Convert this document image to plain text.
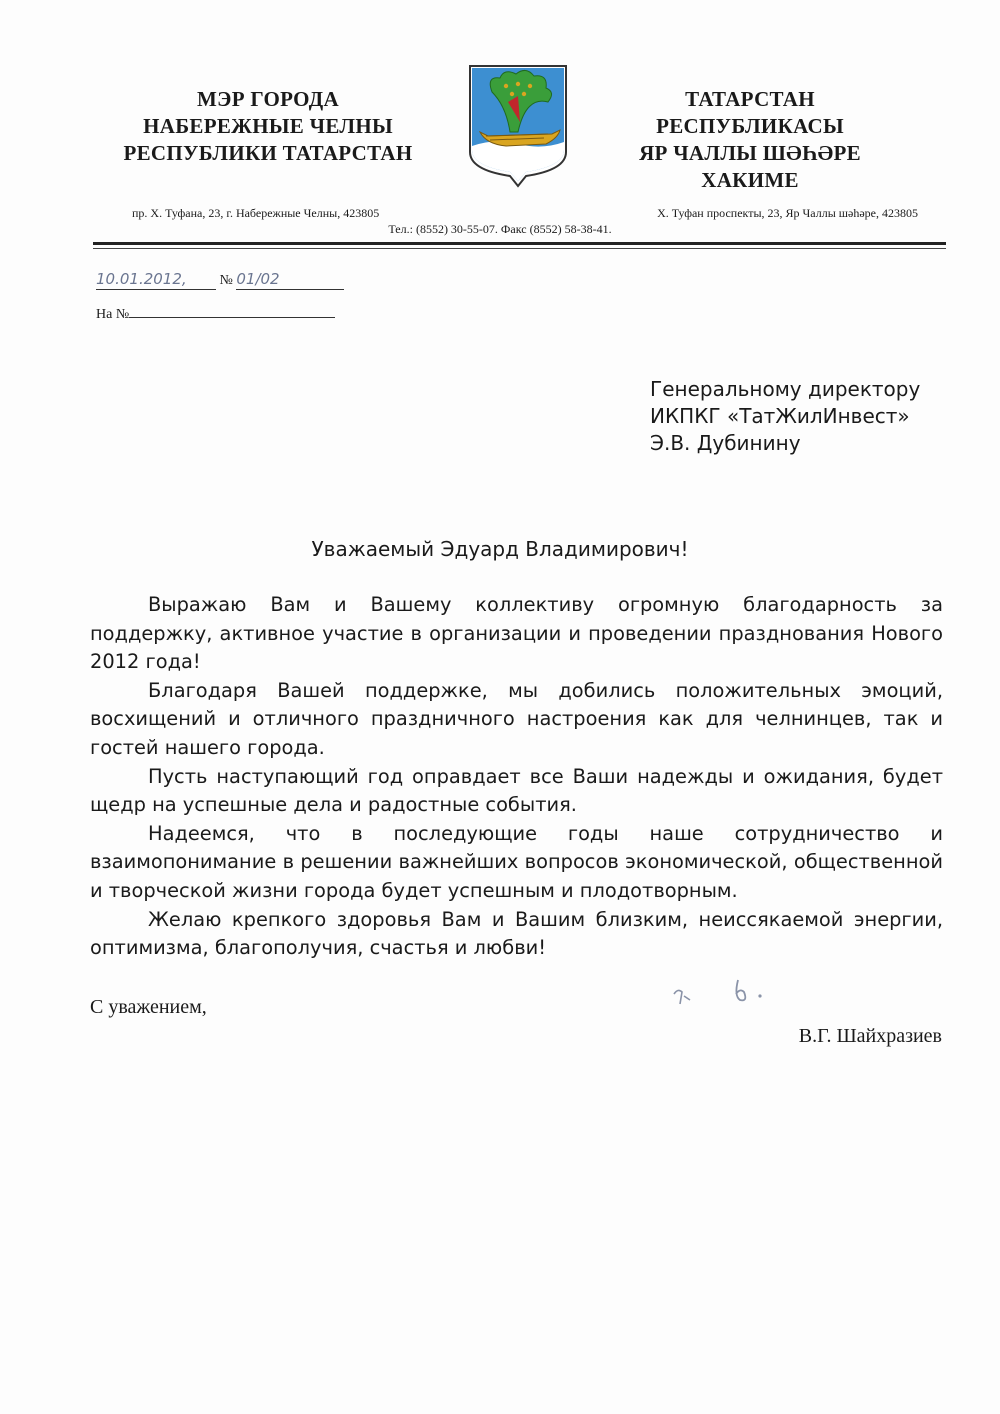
МЭР ГОРОДА
НАБЕРЕЖНЫЕ ЧЕЛНЫ
РЕСПУБЛИКИ ТАТАРСТАН
ТАТАРСТАН РЕСПУБЛИКАСЫ
ЯР ЧАЛЛЫ ШӘҺӘРЕ
ХАКИМЕ
пр. Х. Туфана, 23, г. Набережные Челны, 423805	Х. Туфан проспекты, 23, Яр Чаллы шәһәре, 423805
Тел.: (8552) 30-55-07. Факс (8552) 58-38-41.
10.01.2012, № 01/02
На №
Генеральному директору
ИКПКГ «ТатЖилИнвест»
Э.В. Дубинину
Уважаемый Эдуард Владимирович!

Выражаю Вам и Вашему коллективу огромную благодарность за поддержку, активное участие в организации и проведении празднования Нового 2012 года!

Благодаря Вашей поддержке, мы добились положительных эмоций, восхищений и отличного праздничного настроения как для челнинцев, так и гостей нашего города.

Пусть наступающий год оправдает все Ваши надежды и ожидания, будет щедр на успешные дела и радостные события.

Надеемся, что в последующие годы наше сотрудничество и взаимопонимание в решении важнейших вопросов экономической, общественной и творческой жизни города будет успешным и плодотворным.

Желаю крепкого здоровья Вам и Вашим близким, неиссякаемой энергии, оптимизма, благополучия, счастья и любви!

С уважением,
В.Г. Шайхразиев
